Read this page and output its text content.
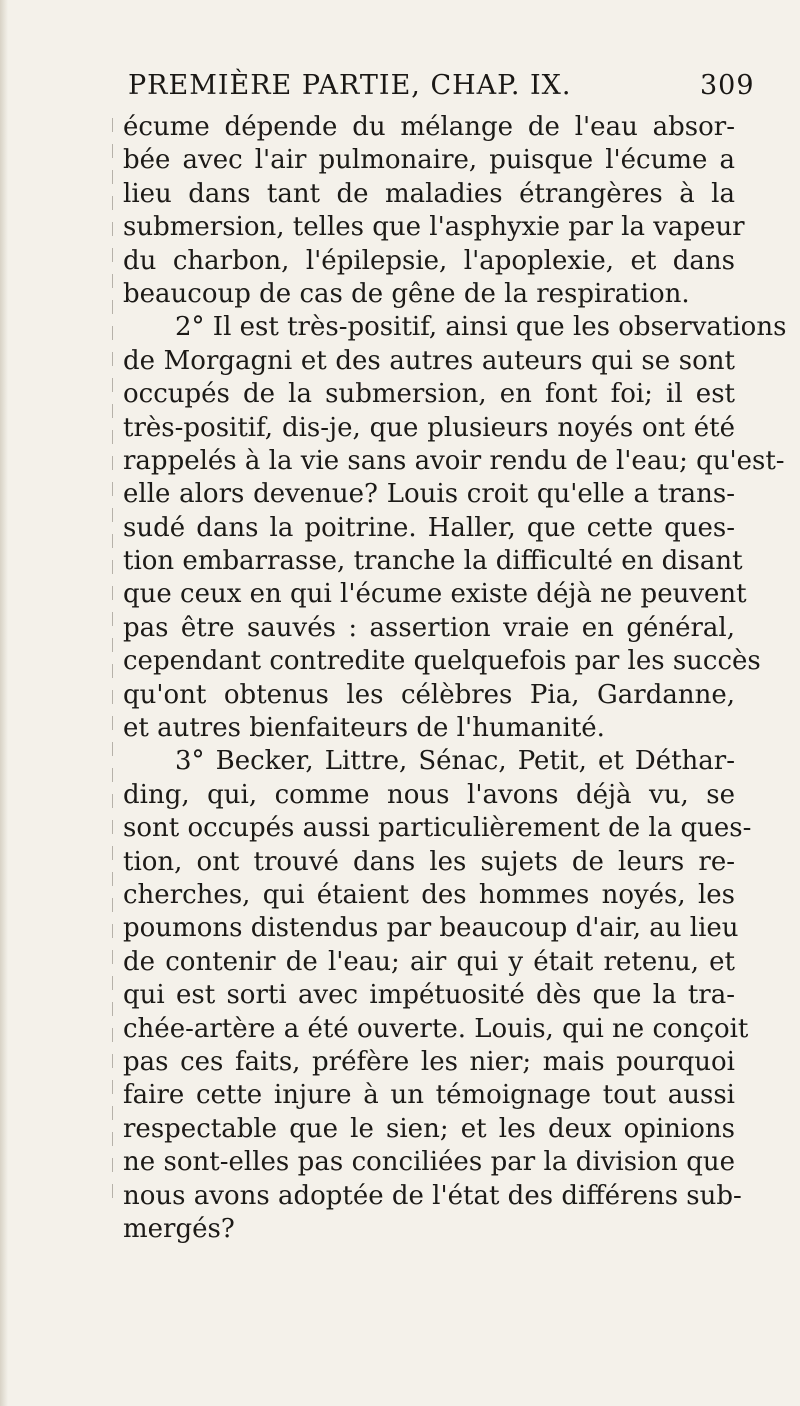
PREMIÈRE PARTIE, CHAP. IX.	309
écume dépende du mélange de l'eau absor-
bée avec l'air pulmonaire, puisque l'écume a
lieu dans tant de maladies étrangères à la
submersion, telles que l'asphyxie par la vapeur
du charbon, l'épilepsie, l'apoplexie, et dans
beaucoup de cas de gêne de la respiration.
2° Il est très-positif, ainsi que les observations
de Morgagni et des autres auteurs qui se sont
occupés de la submersion, en font foi; il est
très-positif, dis-je, que plusieurs noyés ont été
rappelés à la vie sans avoir rendu de l'eau; qu'est-
elle alors devenue? Louis croit qu'elle a trans-
sudé dans la poitrine. Haller, que cette ques-
tion embarrasse, tranche la difficulté en disant
que ceux en qui l'écume existe déjà ne peuvent
pas être sauvés : assertion vraie en général,
cependant contredite quelquefois par les succès
qu'ont obtenus les célèbres Pia, Gardanne,
et autres bienfaiteurs de l'humanité.
3° Becker, Littre, Sénac, Petit, et Déthar-
ding, qui, comme nous l'avons déjà vu, se
sont occupés aussi particulièrement de la ques-
tion, ont trouvé dans les sujets de leurs re-
cherches, qui étaient des hommes noyés, les
poumons distendus par beaucoup d'air, au lieu
de contenir de l'eau; air qui y était retenu, et
qui est sorti avec impétuosité dès que la tra-
chée-artère a été ouverte. Louis, qui ne conçoit
pas ces faits, préfère les nier; mais pourquoi
faire cette injure à un témoignage tout aussi
respectable que le sien; et les deux opinions
ne sont-elles pas conciliées par la division que
nous avons adoptée de l'état des différens sub-
mergés?
